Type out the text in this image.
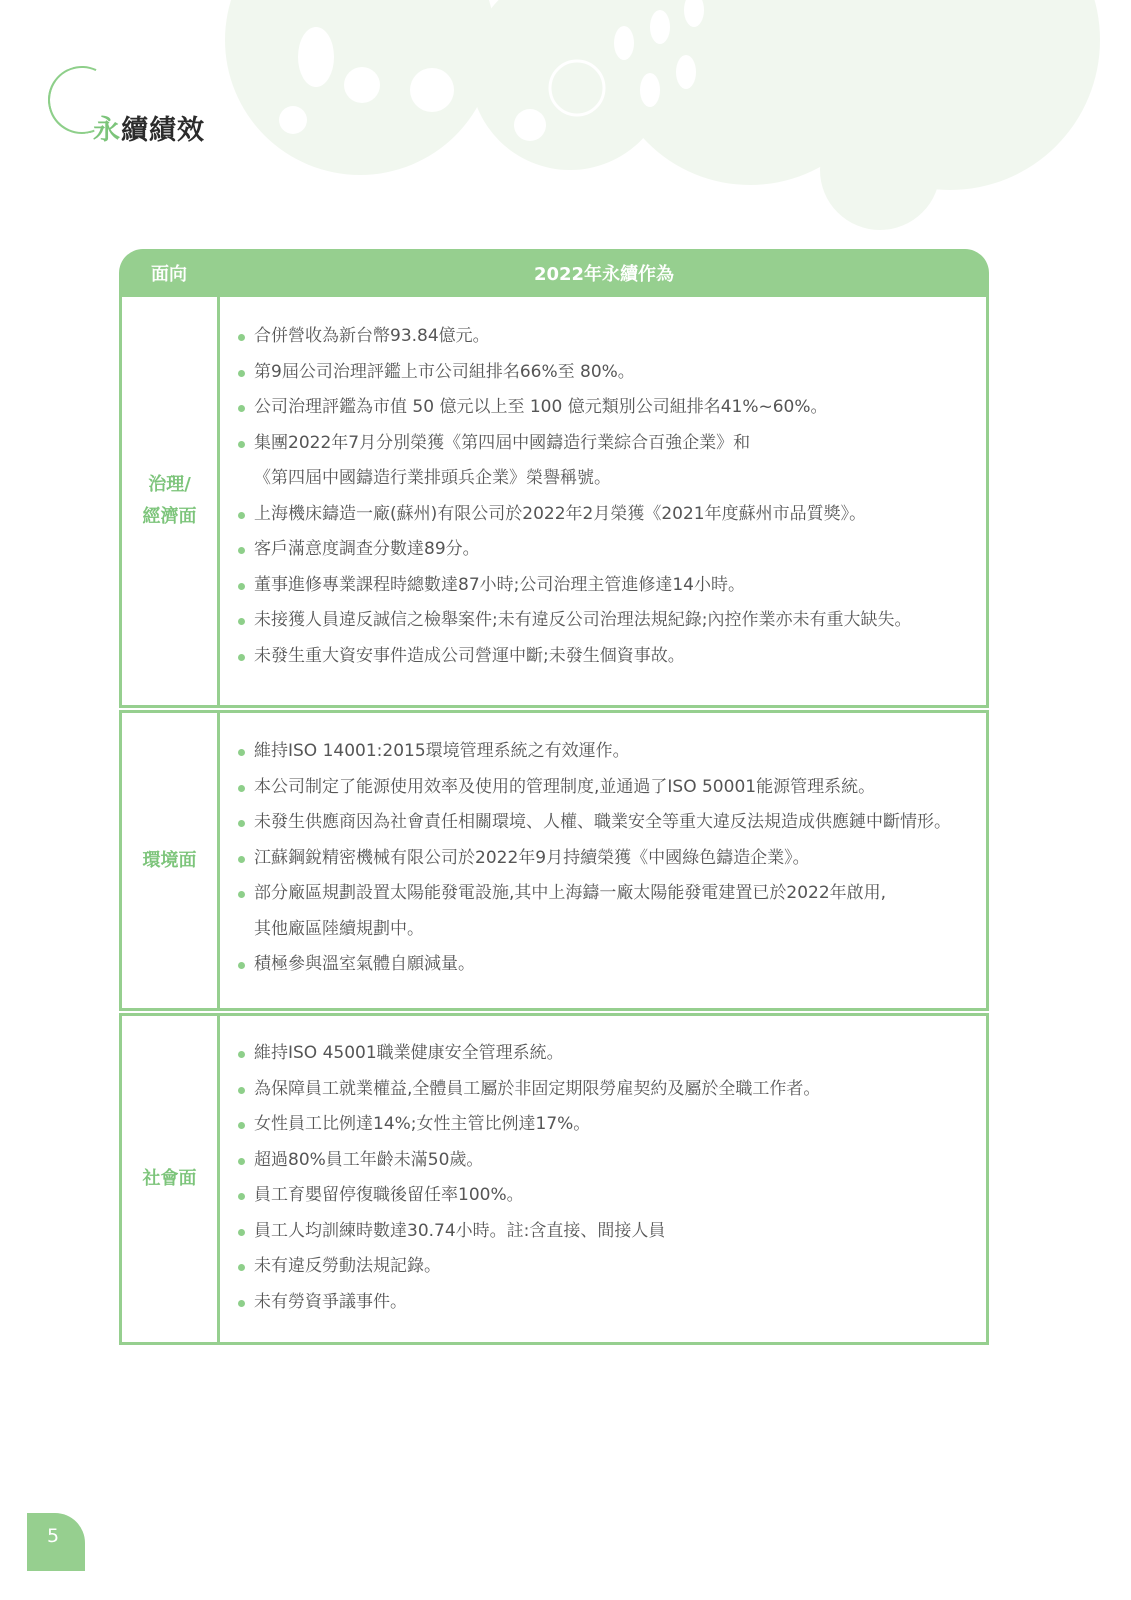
永續績效
面向	2022年永續作為
治理/
經濟面
合併營收為新台幣93.84億元。
第9屆公司治理評鑑上市公司組排名66%至 80%。
公司治理評鑑為市值 50 億元以上至 100 億元類別公司組排名41%~60%。
集團2022年7月分別榮獲《第四屆中國鑄造行業綜合百強企業》和
《第四屆中國鑄造行業排頭兵企業》榮譽稱號。
上海機床鑄造一廠(蘇州)有限公司於2022年2月榮獲《2021年度蘇州市品質獎》。
客戶滿意度調查分數達89分。
董事進修專業課程時總數達87小時;公司治理主管進修達14小時。
未接獲人員違反誠信之檢舉案件;未有違反公司治理法規紀錄;內控作業亦未有重大缺失。
未發生重大資安事件造成公司營運中斷;未發生個資事故。
環境面
維持ISO 14001:2015環境管理系統之有效運作。
本公司制定了能源使用效率及使用的管理制度,並通過了ISO 50001能源管理系統。
未發生供應商因為社會責任相關環境、人權、職業安全等重大違反法規造成供應鏈中斷情形。
江蘇鋼銳精密機械有限公司於2022年9月持續榮獲《中國綠色鑄造企業》。
部分廠區規劃設置太陽能發電設施,其中上海鑄一廠太陽能發電建置已於2022年啟用,
其他廠區陸續規劃中。
積極參與溫室氣體自願減量。
社會面
維持ISO 45001職業健康安全管理系統。
為保障員工就業權益,全體員工屬於非固定期限勞雇契約及屬於全職工作者。
女性員工比例達14%;女性主管比例達17%。
超過80%員工年齡未滿50歲。
員工育嬰留停復職後留任率100%。
員工人均訓練時數達30.74小時。註:含直接、間接人員
未有違反勞動法規記錄。
未有勞資爭議事件。
5
